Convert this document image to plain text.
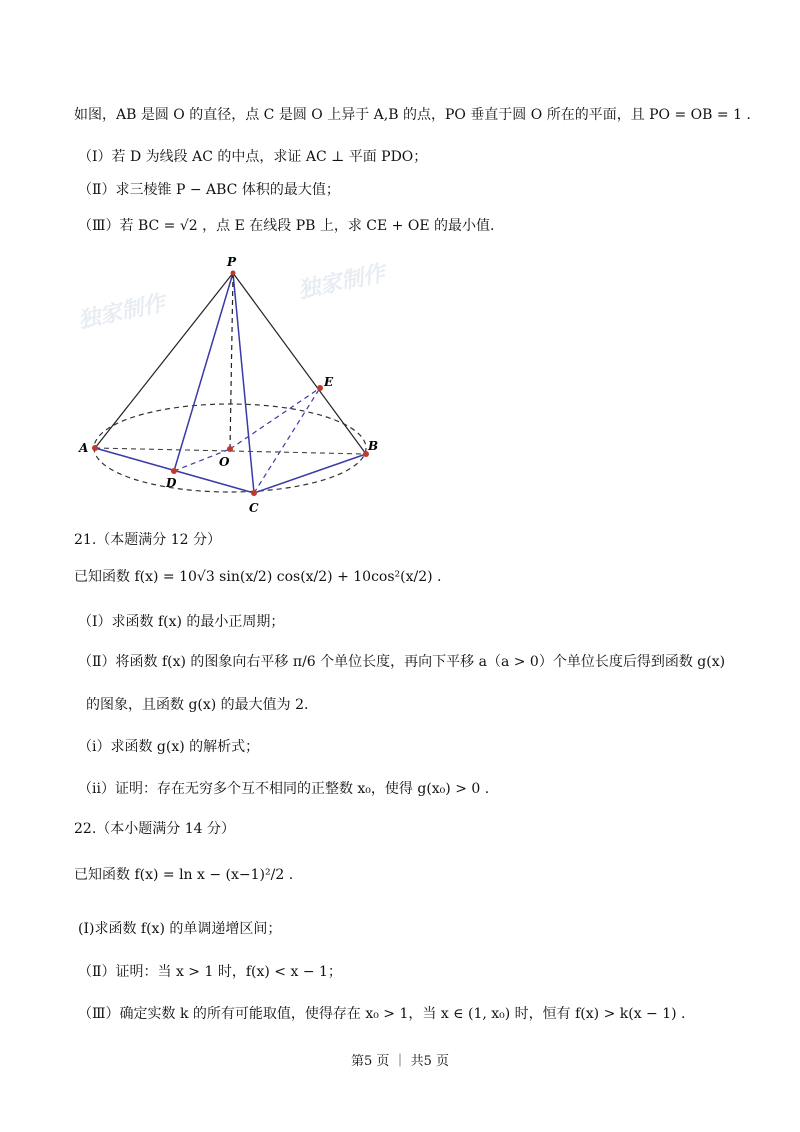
如图，AB 是圆 O 的直径，点 C 是圆 O 上异于 A,B 的点，PO 垂直于圆 O 所在的平面，且 PO = OB = 1 .
（Ⅰ）若 D 为线段 AC 的中点，求证 AC ⊥ 平面 PDO；
（Ⅱ）求三棱锥 P − ABC 体积的最大值；
（Ⅲ）若 BC = √2 ，点 E 在线段 PB 上，求 CE + OE 的最小值.
独家制作
独家制作
P
E
A
O
B
D
C
21.（本题满分 12 分）
已知函数 f(x) = 10√3 sin(x/2) cos(x/2) + 10cos²(x/2) .
（Ⅰ）求函数 f(x) 的最小正周期；
（Ⅱ）将函数 f(x) 的图象向右平移 π/6 个单位长度，再向下平移 a（a > 0）个单位长度后得到函数 g(x)
的图象，且函数 g(x) 的最大值为 2.
（ⅰ）求函数 g(x) 的解析式；
（ⅱ）证明：存在无穷多个互不相同的正整数 x₀，使得 g(x₀) > 0 .
22.（本小题满分 14 分）
已知函数 f(x) = ln x − (x−1)²/2 .
(Ⅰ)求函数 f(x) 的单调递增区间；
（Ⅱ）证明：当 x > 1 时，f(x) < x − 1；
（Ⅲ）确定实数 k 的所有可能取值，使得存在 x₀ > 1，当 x ∈ (1, x₀) 时，恒有 f(x) > k(x − 1) .
第5 页 ｜ 共5 页
